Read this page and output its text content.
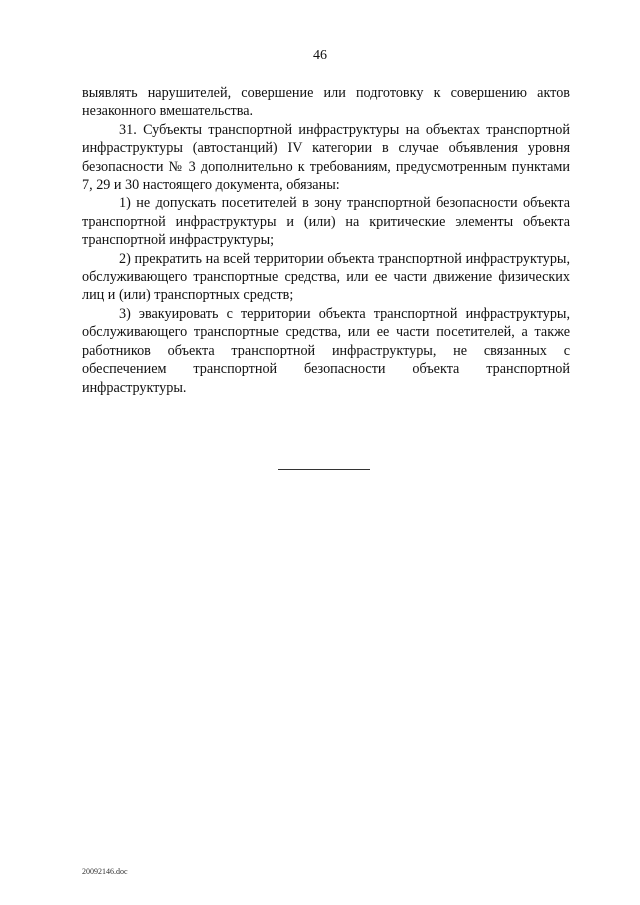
46

выявлять нарушителей, совершение или подготовку к совершению актов незаконного вмешательства.

31. Субъекты транспортной инфраструктуры на объектах транспортной инфраструктуры (автостанций) IV категории в случае объявления уровня безопасности № 3 дополнительно к требованиям, предусмотренным пунктами 7, 29 и 30 настоящего документа, обязаны:

1) не допускать посетителей в зону транспортной безопасности объекта транспортной инфраструктуры и (или) на критические элементы объекта транспортной инфраструктуры;

2) прекратить на всей территории объекта транспортной инфраструктуры, обслуживающего транспортные средства, или ее части движение физических лиц и (или) транспортных средств;

3) эвакуировать с территории объекта транспортной инфраструктуры, обслуживающего транспортные средства, или ее части посетителей, а также работников объекта транспортной инфраструктуры, не связанных с обеспечением транспортной безопасности объекта транспортной инфраструктуры.

20092146.doc
